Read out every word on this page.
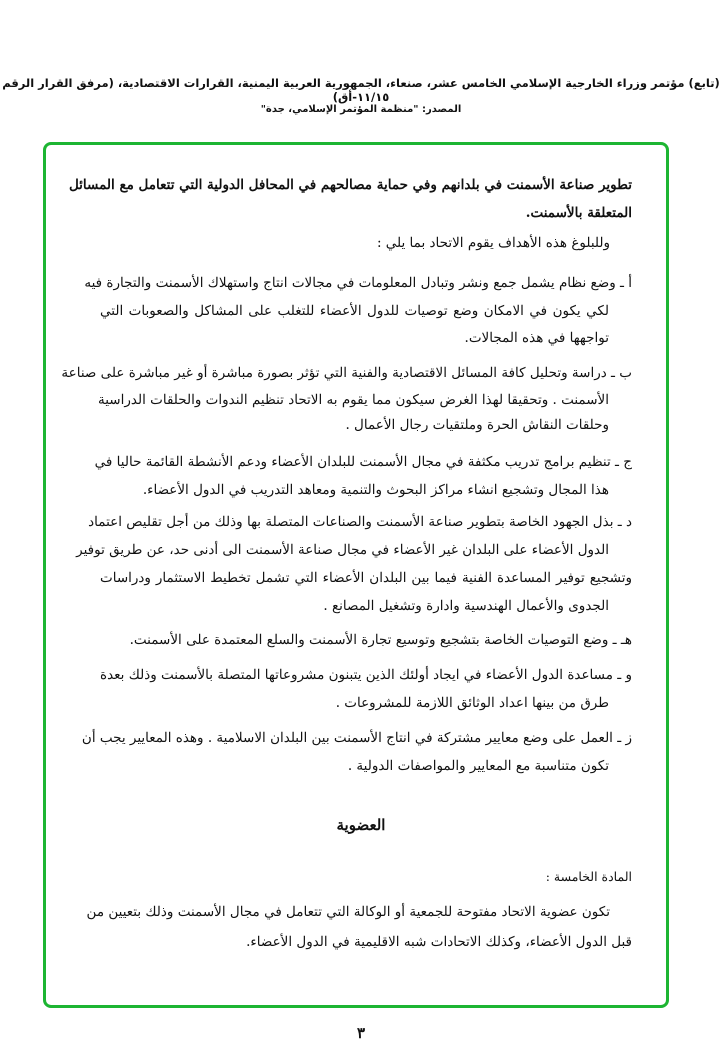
(تابع) مؤتمر وزراء الخارجية الإسلامي الخامس عشر، صنعاء، الجمهورية العربية اليمنية، القرارات الاقتصادية، (مرفق القرار الرقم ١١/١٥-أق)
المصدر: "منظمة المؤتمر الإسلامي، جدة"
تطوير صناعة الأسمنت في بلدانهم وفي حماية مصالحهم في المحافل الدولية التي تتعامل مع المسائل
المتعلقة بالأسمنت.
وللبلوغ هذه الأهداف يقوم الاتحاد بما يلي :
أ ـ وضع نظام يشمل جمع ونشر وتبادل المعلومات في مجالات انتاج واستهلاك الأسمنت والتجارة فيه
لكي يكون في الامكان وضع توصيات للدول الأعضاء للتغلب على المشاكل والصعوبات التي
تواجهها في هذه المجالات.
ب ـ دراسة وتحليل كافة المسائل الاقتصادية والفنية التي تؤثر بصورة مباشرة أو غير مباشرة على صناعة
الأسمنت . وتحقيقا لهذا الغرض سيكون مما يقوم به الاتحاد تنظيم الندوات والحلقات الدراسية
وحلقات النقاش الحرة وملتقيات رجال الأعمال .
ج ـ تنظيم برامج تدريب مكثفة في مجال الأسمنت للبلدان الأعضاء ودعم الأنشطة القائمة حاليا في
هذا المجال وتشجيع انشاء مراكز البحوث والتنمية ومعاهد التدريب في الدول الأعضاء.
د ـ بذل الجهود الخاصة بتطوير صناعة الأسمنت والصناعات المتصلة بها وذلك من أجل تقليص اعتماد
الدول الأعضاء على البلدان غير الأعضاء في مجال صناعة الأسمنت الى أدنى حد، عن طريق توفير
وتشجيع توفير المساعدة الفنية فيما بين البلدان الأعضاء التي تشمل تخطيط الاستثمار ودراسات
الجدوى والأعمال الهندسية وادارة وتشغيل المصانع .
هـ ـ وضع التوصيات الخاصة بتشجيع وتوسيع تجارة الأسمنت والسلع المعتمدة على الأسمنت.
و ـ مساعدة الدول الأعضاء في ايجاد أولئك الذين يتبنون مشروعاتها المتصلة بالأسمنت وذلك بعدة
طرق من بينها اعداد الوثائق اللازمة للمشروعات .
ز ـ العمل على وضع معايير مشتركة في انتاج الأسمنت بين البلدان الاسلامية . وهذه المعايير يجب أن
تكون متناسبة مع المعايير والمواصفات الدولية .
العضوية
المادة الخامسة :
تكون عضوية الاتحاد مفتوحة للجمعية أو الوكالة التي تتعامل في مجال الأسمنت وذلك بتعيين من
قبل الدول الأعضاء، وكذلك الاتحادات شبه الاقليمية في الدول الأعضاء.
٣
